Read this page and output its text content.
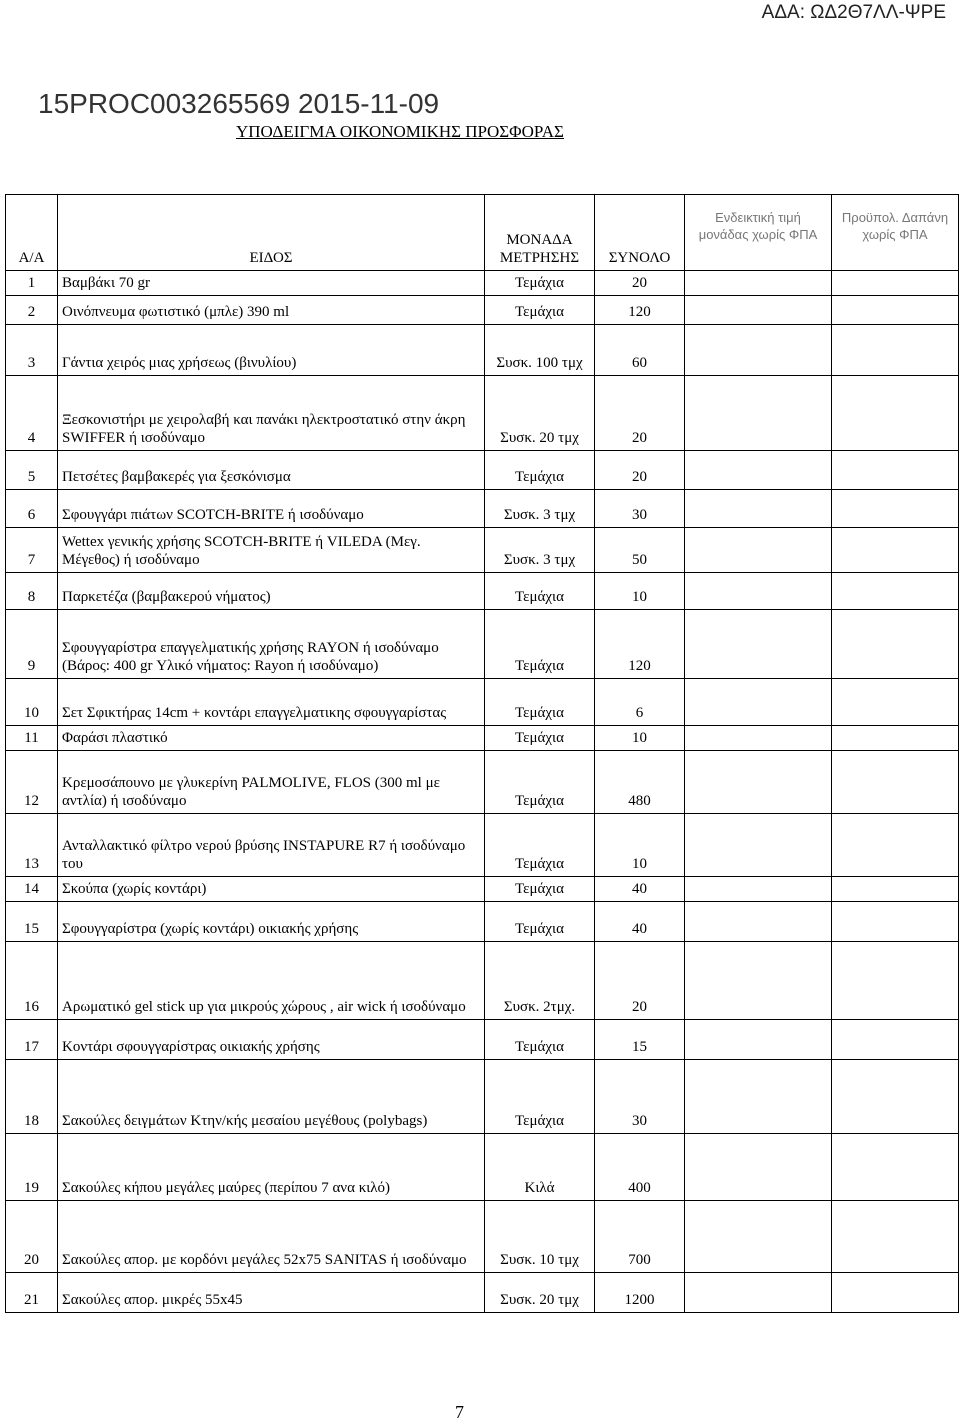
ΑΔΑ: ΩΔ2Θ7ΛΛ-ΨΡΕ
15PROC003265569 2015-11-09
ΥΠΟΔΕΙΓΜΑ ΟΙΚΟΝΟΜΙΚΗΣ ΠΡΟΣΦΟΡΑΣ
Α/Α	ΕΙΔΟΣ	ΜΟΝΑΔΑ ΜΕΤΡΗΣΗΣ	ΣΥΝΟΛΟ	Ενδεικτική τιμή μονάδας χωρίς ΦΠΑ	Προϋπολ. Δαπάνη χωρίς ΦΠΑ
1	Βαμβάκι 70 gr	Τεμάχια	20		
2	Οινόπνευμα φωτιστικό (μπλε) 390 ml	Τεμάχια	120		
3	Γάντια χειρός μιας χρήσεως (βινυλίου)	Συσκ. 100 τμχ	60		
4	Ξεσκονιστήρι με χειρολαβή και πανάκι ηλεκτροστατικό στην άκρη SWIFFER ή ισοδύναμο	Συσκ. 20 τμχ	20		
5	Πετσέτες βαμβακερές για ξεσκόνισμα	Τεμάχια	20		
6	Σφουγγάρι πιάτων SCOTCH-BRITE ή ισοδύναμο	Συσκ. 3 τμχ	30		
7	Wettex γενικής χρήσης SCOTCH-BRITE ή VILEDA (Μεγ. Μέγεθος) ή ισοδύναμο	Συσκ. 3 τμχ	50		
8	Παρκετέζα (βαμβακερού νήματος)	Τεμάχια	10		
9	Σφουγγαρίστρα επαγγελματικής χρήσης RAYON ή ισοδύναμο (Βάρος: 400 gr Υλικό νήματος: Rayon ή ισοδύναμο)	Τεμάχια	120		
10	Σετ Σφικτήρας 14cm + κοντάρι επαγγελματικης σφουγγαρίστας	Τεμάχια	6		
11	Φαράσι πλαστικό	Τεμάχια	10		
12	Κρεμοσάπουνο με γλυκερίνη PALMOLIVE, FLOS (300 ml με αντλία) ή ισοδύναμο	Τεμάχια	480		
13	Ανταλλακτικό φίλτρο νερού βρύσης INSTAPURE R7 ή ισοδύναμο του	Τεμάχια	10		
14	Σκούπα (χωρίς κοντάρι)	Τεμάχια	40		
15	Σφουγγαρίστρα (χωρίς κοντάρι) οικιακής χρήσης	Τεμάχια	40		
16	Αρωματικό gel stick up για μικρούς χώρους , air wick ή ισοδύναμο	Συσκ. 2τμχ.	20		
17	Κοντάρι σφουγγαρίστρας οικιακής χρήσης	Τεμάχια	15		
18	Σακούλες δειγμάτων Κτην/κής μεσαίου μεγέθους (polybags)	Τεμάχια	30		
19	Σακούλες κήπου μεγάλες μαύρες (περίπου 7 ανα κιλό)	Κιλά	400		
20	Σακούλες απορ. με κορδόνι μεγάλες 52x75 SANITAS ή ισοδύναμο	Συσκ. 10 τμχ	700		
21	Σακούλες απορ. μικρές 55x45	Συσκ. 20 τμχ	1200		
7
